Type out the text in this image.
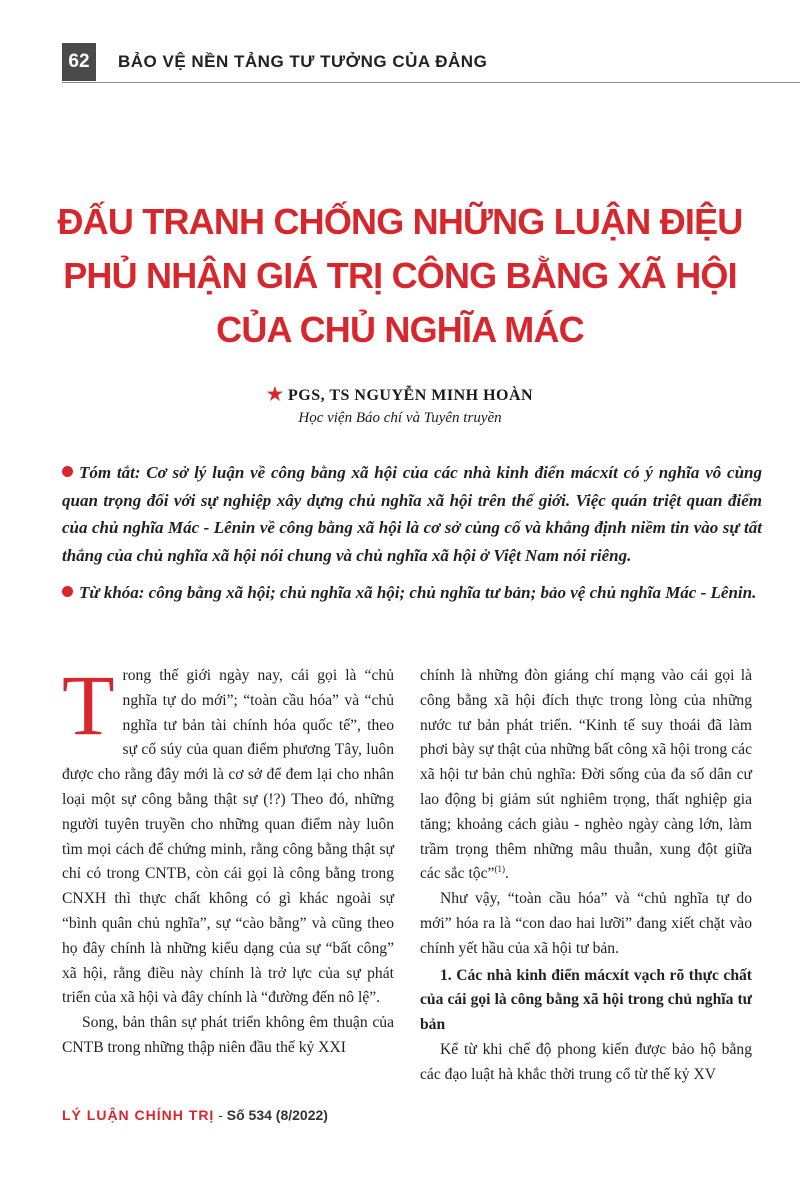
62	BẢO VỆ NỀN TẢNG TƯ TƯỞNG CỦA ĐẢNG
ĐẤU TRANH CHỐNG NHỮNG LUẬN ĐIỆU
PHỦ NHẬN GIÁ TRỊ CÔNG BẰNG XÃ HỘI
CỦA CHỦ NGHĨA MÁC
★ PGS, TS NGUYỄN MINH HOÀN
Học viện Báo chí và Tuyên truyền

Tóm tắt: Cơ sở lý luận về công bằng xã hội của các nhà kinh điển mácxít có ý nghĩa vô cùng quan trọng đối với sự nghiệp xây dựng chủ nghĩa xã hội trên thế giới. Việc quán triệt quan điểm của chủ nghĩa Mác - Lênin về công bằng xã hội là cơ sở củng cố và khẳng định niềm tin vào sự tất thắng của chủ nghĩa xã hội nói chung và chủ nghĩa xã hội ở Việt Nam nói riêng.

Từ khóa: công bằng xã hội; chủ nghĩa xã hội; chủ nghĩa tư bản; bảo vệ chủ nghĩa Mác - Lênin.

Trong thế giới ngày nay, cái gọi là “chủ nghĩa tự do mới”; “toàn cầu hóa” và “chủ nghĩa tư bản tài chính hóa quốc tế”, theo sự cổ súy của quan điểm phương Tây, luôn được cho rằng đây mới là cơ sở để đem lại cho nhân loại một sự công bằng thật sự (!?) Theo đó, những người tuyên truyền cho những quan điểm này luôn tìm mọi cách để chứng minh, rằng công bằng thật sự chỉ có trong CNTB, còn cái gọi là công bằng trong CNXH thì thực chất không có gì khác ngoài sự “bình quân chủ nghĩa”, sự “cào bằng” và cũng theo họ đây chính là những kiểu dạng của sự “bất công” xã hội, rằng điều này chính là trở lực của sự phát triển của xã hội và đây chính là “đường đến nô lệ”.

Song, bản thân sự phát triển không êm thuận của CNTB trong những thập niên đầu thế kỷ XXI

chính là những đòn giáng chí mạng vào cái gọi là công bằng xã hội đích thực trong lòng của những nước tư bản phát triển. “Kinh tế suy thoái đã làm phơi bày sự thật của những bất công xã hội trong các xã hội tư bản chủ nghĩa: Đời sống của đa số dân cư lao động bị giảm sút nghiêm trọng, thất nghiệp gia tăng; khoảng cách giàu - nghèo ngày càng lớn, làm trầm trọng thêm những mâu thuẫn, xung đột giữa các sắc tộc”$^{(1)}$.

Như vậy, “toàn cầu hóa” và “chủ nghĩa tự do mới” hóa ra là “con dao hai lưỡi” đang xiết chặt vào chính yết hầu của xã hội tư bản.

1. Các nhà kinh điển mácxít vạch rõ thực chất của cái gọi là công bằng xã hội trong chủ nghĩa tư bản

Kể từ khi chế độ phong kiến được bảo hộ bằng các đạo luật hà khắc thời trung cổ từ thế kỷ XV

LÝ LUẬN CHÍNH TRỊ - Số 534 (8/2022)
